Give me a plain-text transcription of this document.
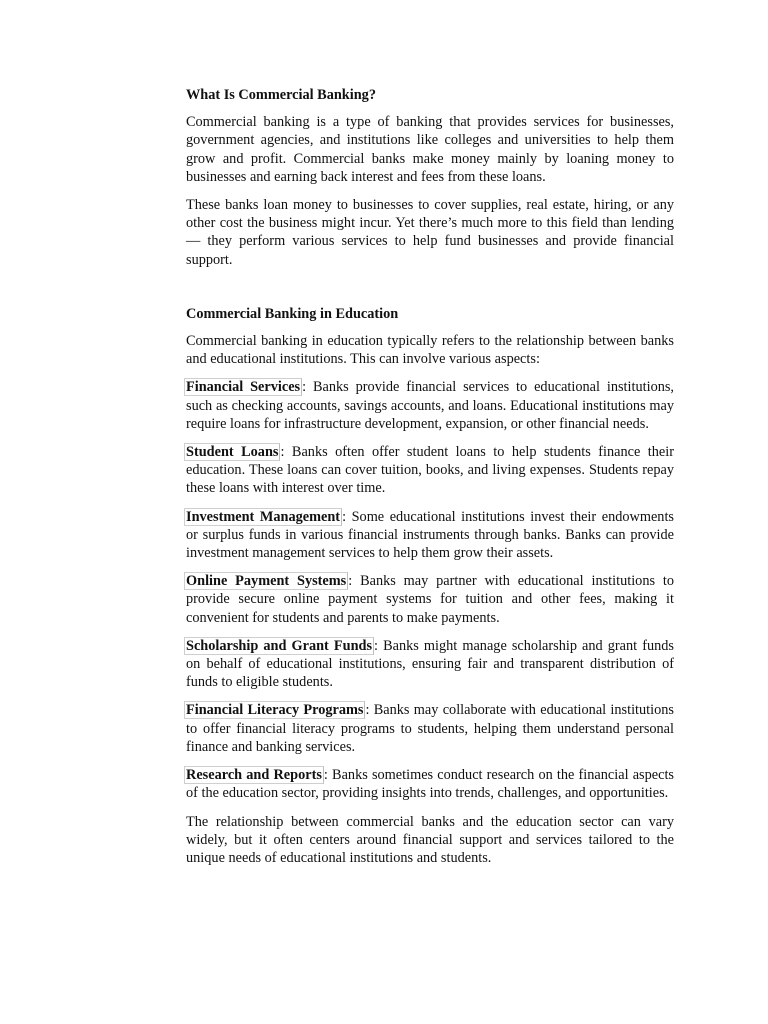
What Is Commercial Banking?

Commercial banking is a type of banking that provides services for businesses, government agencies, and institutions like colleges and universities to help them grow and profit. Commercial banks make money mainly by loaning money to businesses and earning back interest and fees from these loans.

These banks loan money to businesses to cover supplies, real estate, hiring, or any other cost the business might incur. Yet there’s much more to this field than lending — they perform various services to help fund businesses and provide financial support.

Commercial Banking in Education

Commercial banking in education typically refers to the relationship between banks and educational institutions. This can involve various aspects:

Financial Services : Banks provide financial services to educational institutions, such as checking accounts, savings accounts, and loans. Educational institutions may require loans for infrastructure development, expansion, or other financial needs.

Student Loans : Banks often offer student loans to help students finance their education. These loans can cover tuition, books, and living expenses. Students repay these loans with interest over time.

Investment Management : Some educational institutions invest their endowments or surplus funds in various financial instruments through banks. Banks can provide investment management services to help them grow their assets.

Online Payment Systems : Banks may partner with educational institutions to provide secure online payment systems for tuition and other fees, making it convenient for students and parents to make payments.

Scholarship and Grant Funds : Banks might manage scholarship and grant funds on behalf of educational institutions, ensuring fair and transparent distribution of funds to eligible students.

Financial Literacy Programs : Banks may collaborate with educational institutions to offer financial literacy programs to students, helping them understand personal finance and banking services.

Research and Reports : Banks sometimes conduct research on the financial aspects of the education sector, providing insights into trends, challenges, and opportunities.

The relationship between commercial banks and the education sector can vary widely, but it often centers around financial support and services tailored to the unique needs of educational institutions and students.
